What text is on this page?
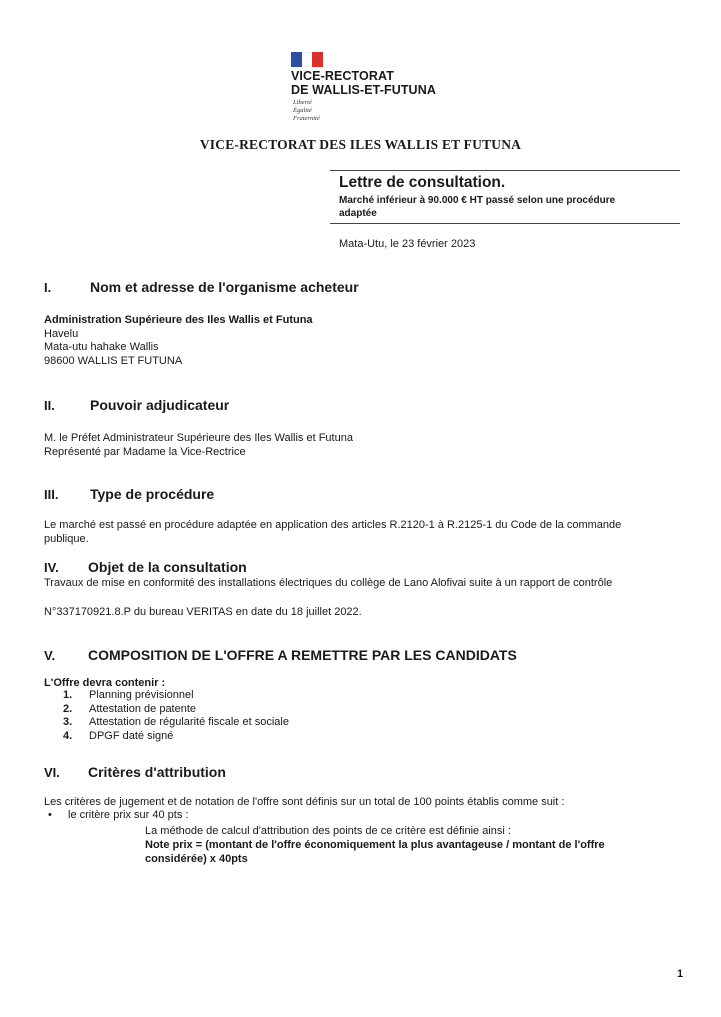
VICE-RECTORAT
DE WALLIS-ET-FUTUNA
Liberté
Égalité
Fraternité
VICE-RECTORAT DES ILES WALLIS ET FUTUNA
Lettre de consultation.
Marché inférieur à 90.000 € HT passé selon une procédure
adaptée
Mata-Utu, le 23 février 2023
I.	Nom et adresse de l'organisme acheteur
Administration Supérieure des Iles Wallis et Futuna
Havelu
Mata-utu hahake Wallis
98600 WALLIS ET FUTUNA
II.	Pouvoir adjudicateur
M. le Préfet Administrateur Supérieure des Iles Wallis et Futuna
Représenté par Madame la Vice-Rectrice
III. Type de procédure
Le marché est passé en procédure adaptée en application des articles R.2120-1 à R.2125-1 du Code de la commande
publique.
IV. Objet de la consultation
Travaux de mise en conformité des installations électriques du collège de Lano Alofivai suite à un rapport de contrôle
N°337170921.8.P du bureau VERITAS en date du 18 juillet 2022.
V. COMPOSITION DE L'OFFRE A REMETTRE PAR LES CANDIDATS
L'Offre devra contenir :
1.	Planning prévisionnel
2.	Attestation de patente
3.	Attestation de régularité fiscale et sociale
4.	DPGF daté signé
VI. Critères d'attribution
Les critères de jugement et de notation de l'offre sont définis sur un total de 100 points établis comme suit :
• le critère prix sur 40 pts :
La méthode de calcul d'attribution des points de ce critère est définie ainsi :
Note prix = (montant de l'offre économiquement la plus avantageuse / montant de l'offre
considérée) x 40pts
1
